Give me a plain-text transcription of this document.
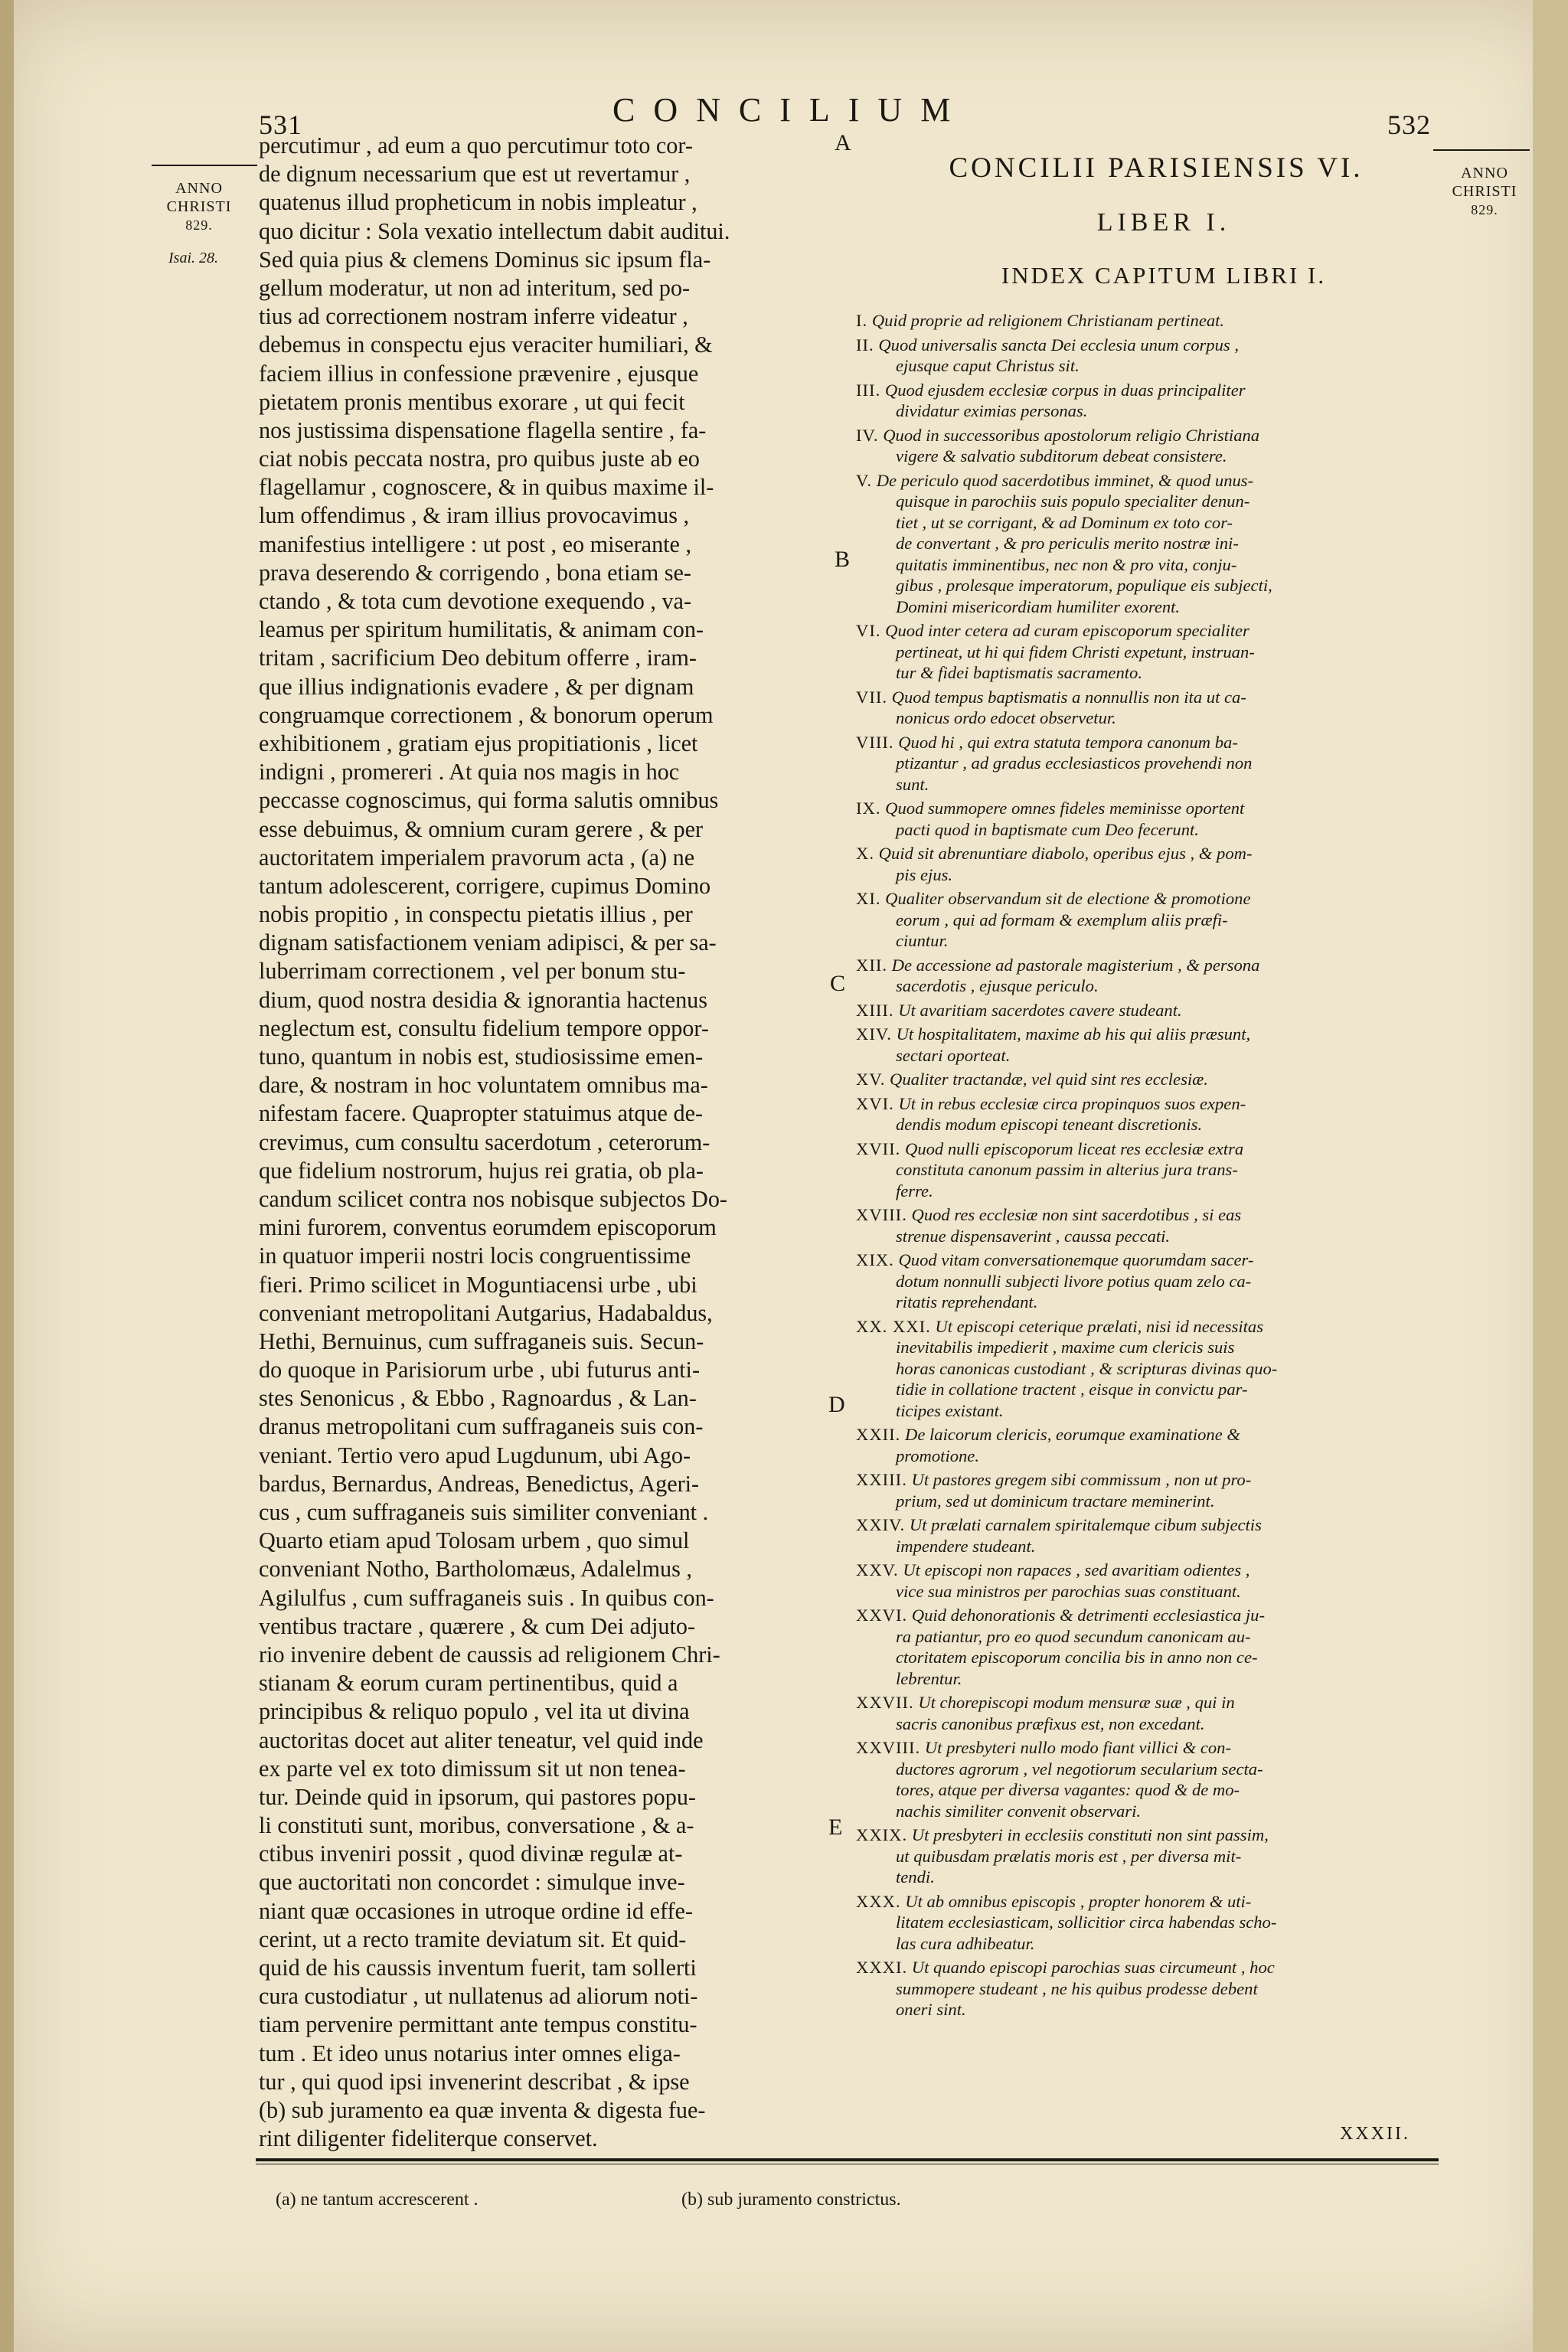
531	CONCILIUM	532
ANNO
CHRISTI
829.
Isai. 28.
ANNO
CHRISTI
829.
A
B
C
D
E
percutimur , ad eum a quo percutimur toto cor-
de dignum necessarium que est ut revertamur ,
quatenus illud propheticum in nobis impleatur ,
quo dicitur : Sola vexatio intellectum dabit auditui.
Sed quia pius & clemens Dominus sic ipsum fla-
gellum moderatur, ut non ad interitum, sed po-
tius ad correctionem nostram inferre videatur ,
debemus in conspectu ejus veraciter humiliari, &
faciem illius in confessione prævenire , ejusque
pietatem pronis mentibus exorare , ut qui fecit
nos justissima dispensatione flagella sentire , fa-
ciat nobis peccata nostra, pro quibus juste ab eo
flagellamur , cognoscere, & in quibus maxime il-
lum offendimus , & iram illius provocavimus ,
manifestius intelligere : ut post , eo miserante ,
prava deserendo & corrigendo , bona etiam se-
ctando , & tota cum devotione exequendo , va-
leamus per spiritum humilitatis, & animam con-
tritam , sacrificium Deo debitum offerre , iram-
que illius indignationis evadere , & per dignam
congruamque correctionem , & bonorum operum
exhibitionem , gratiam ejus propitiationis , licet
indigni , promereri . At quia nos magis in hoc
peccasse cognoscimus, qui forma salutis omnibus
esse debuimus, & omnium curam gerere , & per
auctoritatem imperialem pravorum acta , (a) ne
tantum adolescerent, corrigere, cupimus Domino
nobis propitio , in conspectu pietatis illius , per
dignam satisfactionem veniam adipisci, & per sa-
luberrimam correctionem , vel per bonum stu-
dium, quod nostra desidia & ignorantia hactenus
neglectum est, consultu fidelium tempore oppor-
tuno, quantum in nobis est, studiosissime emen-
dare, & nostram in hoc voluntatem omnibus ma-
nifestam facere. Quapropter statuimus atque de-
crevimus, cum consultu sacerdotum , ceterorum-
que fidelium nostrorum, hujus rei gratia, ob pla-
candum scilicet contra nos nobisque subjectos Do-
mini furorem, conventus eorumdem episcoporum
in quatuor imperii nostri locis congruentissime
fieri. Primo scilicet in Moguntiacensi urbe , ubi
conveniant metropolitani Autgarius, Hadabaldus,
Hethi, Bernuinus, cum suffraganeis suis. Secun-
do quoque in Parisiorum urbe , ubi futurus anti-
stes Senonicus , & Ebbo , Ragnoardus , & Lan-
dranus metropolitani cum suffraganeis suis con-
veniant. Tertio vero apud Lugdunum, ubi Ago-
bardus, Bernardus, Andreas, Benedictus, Ageri-
cus , cum suffraganeis suis similiter conveniant .
Quarto etiam apud Tolosam urbem , quo simul
conveniant Notho, Bartholomæus, Adalelmus ,
Agilulfus , cum suffraganeis suis . In quibus con-
ventibus tractare , quærere , & cum Dei adjuto-
rio invenire debent de caussis ad religionem Chri-
stianam & eorum curam pertinentibus, quid a
principibus & reliquo populo , vel ita ut divina
auctoritas docet aut aliter teneatur, vel quid inde
ex parte vel ex toto dimissum sit ut non tenea-
tur. Deinde quid in ipsorum, qui pastores popu-
li constituti sunt, moribus, conversatione , & a-
ctibus inveniri possit , quod divinæ regulæ at-
que auctoritati non concordet : simulque inve-
niant quæ occasiones in utroque ordine id effe-
cerint, ut a recto tramite deviatum sit. Et quid-
quid de his caussis inventum fuerit, tam sollerti
cura custodiatur , ut nullatenus ad aliorum noti-
tiam pervenire permittant ante tempus constitu-
tum . Et ideo unus notarius inter omnes eliga-
tur , qui quod ipsi invenerint describat , & ipse
(b) sub juramento ea quæ inventa & digesta fue-
rint diligenter fideliterque conservet.
CONCILII PARISIENSIS VI.
LIBER I.
INDEX CAPITUM LIBRI I.
I. Quid proprie ad religionem Christianam pertineat.
II. Quod universalis sancta Dei ecclesia unum corpus ,
ejusque caput Christus sit.
III. Quod ejusdem ecclesiæ corpus in duas principaliter
dividatur eximias personas.
IV. Quod in successoribus apostolorum religio Christiana
vigere & salvatio subditorum debeat consistere.
V. De periculo quod sacerdotibus imminet, & quod unus-
quisque in parochiis suis populo specialiter denun-
tiet , ut se corrigant, & ad Dominum ex toto cor-
de convertant , & pro periculis merito nostræ ini-
quitatis imminentibus, nec non & pro vita, conju-
gibus , prolesque imperatorum, populique eis subjecti,
Domini misericordiam humiliter exorent.
VI. Quod inter cetera ad curam episcoporum specialiter
pertineat, ut hi qui fidem Christi expetunt, instruan-
tur & fidei baptismatis sacramento.
VII. Quod tempus baptismatis a nonnullis non ita ut ca-
nonicus ordo edocet observetur.
VIII. Quod hi , qui extra statuta tempora canonum ba-
ptizantur , ad gradus ecclesiasticos provehendi non
sunt.
IX. Quod summopere omnes fideles meminisse oportent
pacti quod in baptismate cum Deo fecerunt.
X. Quid sit abrenuntiare diabolo, operibus ejus , & pom-
pis ejus.
XI. Qualiter observandum sit de electione & promotione
eorum , qui ad formam & exemplum aliis præfi-
ciuntur.
XII. De accessione ad pastorale magisterium , & persona
sacerdotis , ejusque periculo.
XIII. Ut avaritiam sacerdotes cavere studeant.
XIV. Ut hospitalitatem, maxime ab his qui aliis præsunt,
sectari oporteat.
XV. Qualiter tractandæ, vel quid sint res ecclesiæ.
XVI. Ut in rebus ecclesiæ circa propinquos suos expen-
dendis modum episcopi teneant discretionis.
XVII. Quod nulli episcoporum liceat res ecclesiæ extra
constituta canonum passim in alterius jura trans-
ferre.
XVIII. Quod res ecclesiæ non sint sacerdotibus , si eas
strenue dispensaverint , caussa peccati.
XIX. Quod vitam conversationemque quorumdam sacer-
dotum nonnulli subjecti livore potius quam zelo ca-
ritatis reprehendant.
XX. XXI. Ut episcopi ceterique prælati, nisi id necessitas
inevitabilis impedierit , maxime cum clericis suis
horas canonicas custodiant , & scripturas divinas quo-
tidie in collatione tractent , eisque in convictu par-
ticipes existant.
XXII. De laicorum clericis, eorumque examinatione &
promotione.
XXIII. Ut pastores gregem sibi commissum , non ut pro-
prium, sed ut dominicum tractare meminerint.
XXIV. Ut prælati carnalem spiritalemque cibum subjectis
impendere studeant.
XXV. Ut episcopi non rapaces , sed avaritiam odientes ,
vice sua ministros per parochias suas constituant.
XXVI. Quid dehonorationis & detrimenti ecclesiastica ju-
ra patiantur, pro eo quod secundum canonicam au-
ctoritatem episcoporum concilia bis in anno non ce-
lebrentur.
XXVII. Ut chorepiscopi modum mensuræ suæ , qui in
sacris canonibus præfixus est, non excedant.
XXVIII. Ut presbyteri nullo modo fiant villici & con-
ductores agrorum , vel negotiorum secularium secta-
tores, atque per diversa vagantes: quod & de mo-
nachis similiter convenit observari.
XXIX. Ut presbyteri in ecclesiis constituti non sint passim,
ut quibusdam prælatis moris est , per diversa mit-
tendi.
XXX. Ut ab omnibus episcopis , propter honorem & uti-
litatem ecclesiasticam, sollicitior circa habendas scho-
las cura adhibeatur.
XXXI. Ut quando episcopi parochias suas circumeunt , hoc
summopere studeant , ne his quibus prodesse debent
oneri sint.
XXXII.
(a) ne tantum accrescerent .	(b) sub juramento constrictus.
